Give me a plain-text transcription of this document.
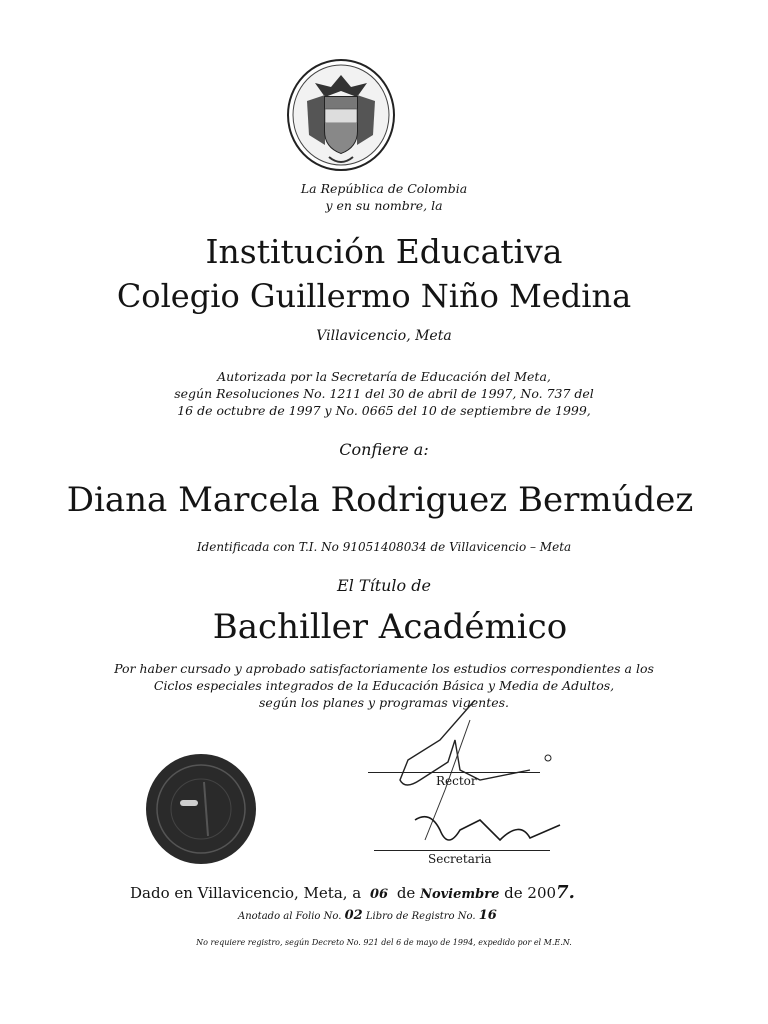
La República de Colombia
y en su nombre, la
Institución Educativa
Colegio Guillermo Niño Medina
Villavicencio, Meta
Autorizada por la Secretaría de Educación del Meta,
según Resoluciones No. 1211 del 30 de abril de 1997, No. 737 del
16 de octubre de 1997 y No. 0665 del 10 de septiembre de 1999,
Confiere a:
Diana Marcela Rodriguez Bermúdez
Identificada con T.I. No 91051408034 de Villavicencio – Meta
El Título de
Bachiller Académico
Por haber cursado y aprobado satisfactoriamente los estudios correspondientes a los
Ciclos especiales integrados de la Educación Básica y Media de Adultos,
según los planes y programas vigentes.
Rector
Secretaria
Dado en Villavicencio, Meta, a 06 de Noviembre de 2007.
Anotado al Folio No. 02 Libro de Registro No. 16
No requiere registro, según Decreto No. 921 del 6 de mayo de 1994, expedido por el M.E.N.
